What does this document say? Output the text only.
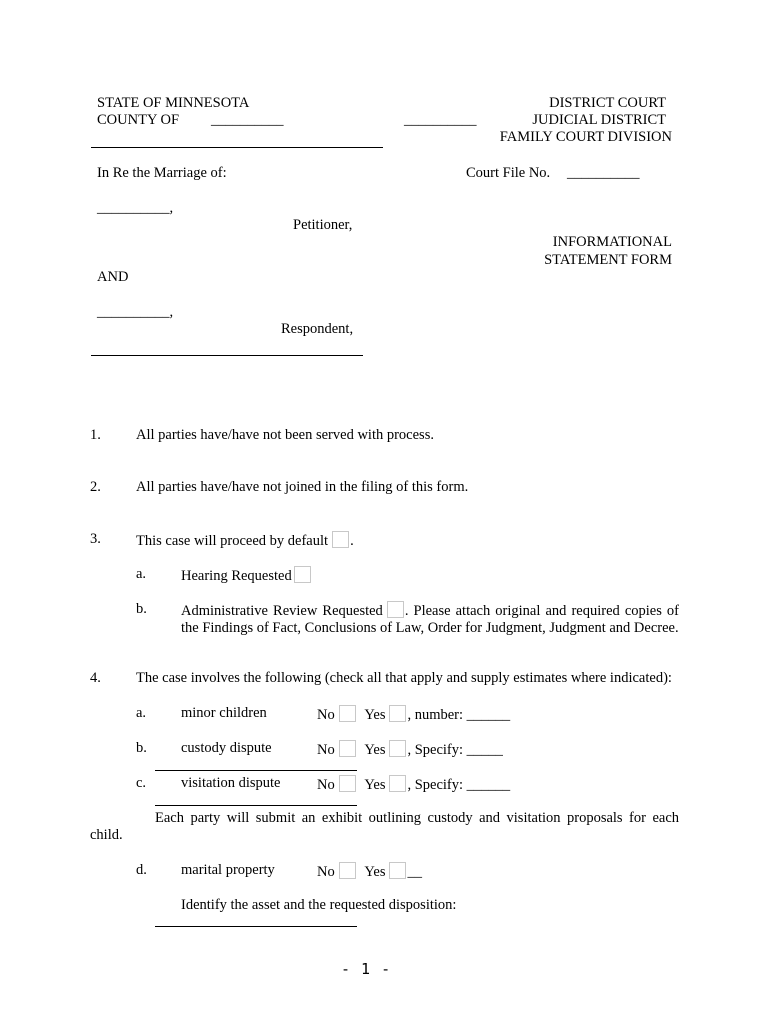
STATE OF MINNESOTA
COUNTY OF __________
DISTRICT COURT
__________	JUDICIAL DISTRICT
FAMILY COURT DIVISION
In Re the Marriage of:	Court File No. __________
__________,
Petitioner,
INFORMATIONAL
STATEMENT FORM
AND
__________,
Respondent,
1. All parties have/have not been served with process.
2. All parties have/have not joined in the filing of this form.
3. This case will proceed by default .
a. Hearing Requested
b. Administrative Review Requested . Please attach original and required copies of the Findings of Fact, Conclusions of Law, Order for Judgment, Judgment and Decree.
4. The case involves the following (check all that apply and supply estimates where indicated):
a. minor children	No Yes , number: ______
b. custody dispute	No Yes , Specify: _____
c. visitation dispute	No Yes , Specify: ______
Each party will submit an exhibit outlining custody and visitation proposals for each child.
d. marital property	No Yes __
Identify the asset and the requested disposition:
- 1 -
